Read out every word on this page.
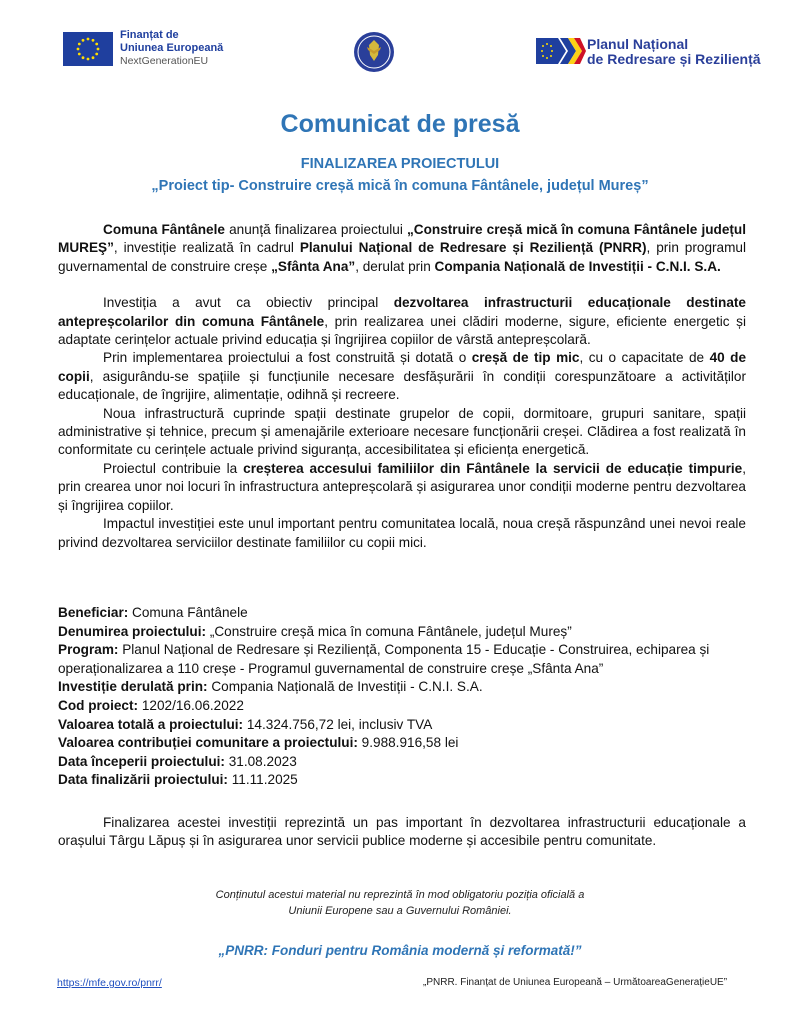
Finanțat de
Uniunea Europeană
NextGenerationEU
Planul Național
de Redresare și Reziliență
Comunicat de presă
FINALIZAREA PROIECTULUI
„Proiect tip- Construire creșă mică în comuna Fântânele, județul Mureș”

Comuna Fântânele anunță finalizarea proiectului „Construire creșă mică în comuna Fântânele județul MUREŞ”, investiție realizată în cadrul Planului Național de Redresare și Reziliență (PNRR), prin programul guvernamental de construire creșe „Sfânta Ana”, derulat prin Compania Națională de Investiții - C.N.I. S.A.

Investiția a avut ca obiectiv principal dezvoltarea infrastructurii educaționale destinate antepreșcolarilor din comuna Fântânele, prin realizarea unei clădiri moderne, sigure, eficiente energetic și adaptate cerințelor actuale privind educația și îngrijirea copiilor de vârstă antepreșcolară.

Prin implementarea proiectului a fost construită și dotată o creșă de tip mic, cu o capacitate de 40 de copii, asigurându-se spațiile și funcțiunile necesare desfășurării în condiții corespunzătoare a activităților educaționale, de îngrijire, alimentație, odihnă și recreere.

Noua infrastructură cuprinde spații destinate grupelor de copii, dormitoare, grupuri sanitare, spații administrative și tehnice, precum și amenajările exterioare necesare funcționării creșei. Clădirea a fost realizată în conformitate cu cerințele actuale privind siguranța, accesibilitatea și eficiența energetică.

Proiectul contribuie la creșterea accesului familiilor din Fântânele la servicii de educație timpurie, prin crearea unor noi locuri în infrastructura antepreșcolară și asigurarea unor condiții moderne pentru dezvoltarea și îngrijirea copiilor.

Impactul investiției este unul important pentru comunitatea locală, noua creșă răspunzând unei nevoi reale privind dezvoltarea serviciilor destinate familiilor cu copii mici.

Beneficiar: Comuna Fântânele
Denumirea proiectului: „Construire creșă mica în comuna Fântânele, județul Mureș”
Program: Planul Național de Redresare și Reziliență, Componenta 15 - Educație - Construirea, echiparea și operaționalizarea a 110 creșe - Programul guvernamental de construire creșe „Sfânta Ana”
Investiție derulată prin: Compania Națională de Investiții - C.N.I. S.A.
Cod proiect: 1202/16.06.2022
Valoarea totală a proiectului: 14.324.756,72 lei, inclusiv TVA
Valoarea contribuției comunitare a proiectului: 9.988.916,58 lei
Data începerii proiectului: 31.08.2023
Data finalizării proiectului: 11.11.2025

Finalizarea acestei investiții reprezintă un pas important în dezvoltarea infrastructurii educaționale a orașului Târgu Lăpuș și în asigurarea unor servicii publice moderne și accesibile pentru comunitate.

Conținutul acestui material nu reprezintă în mod obligatoriu poziția oficială a
Uniunii Europene sau a Guvernului României.
„PNRR: Fonduri pentru România modernă și reformată!”
https://mfe.gov.ro/pnrr/	„PNRR. Finanțat de Uniunea Europeană – UrmătoareaGenerațieUE”
